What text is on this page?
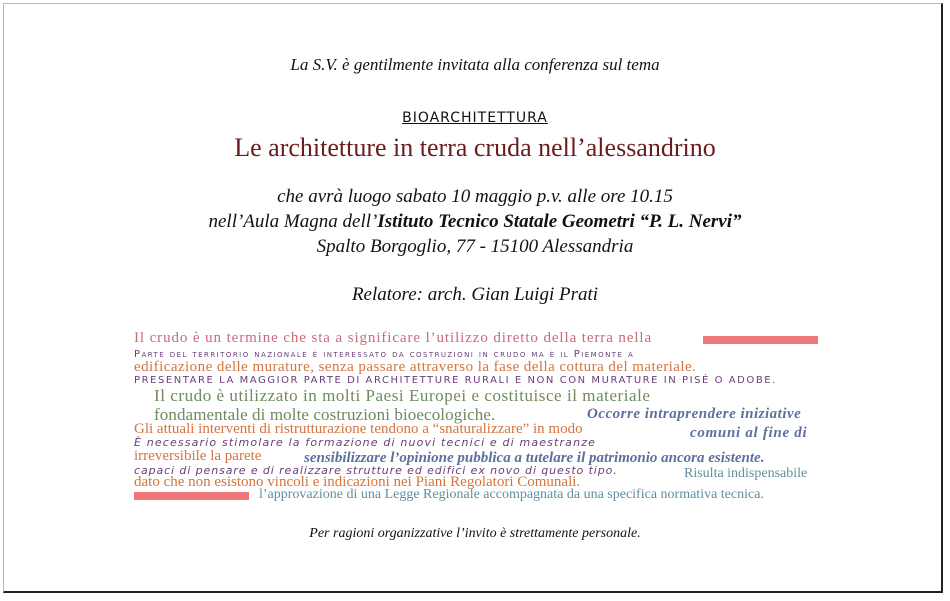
La S.V. è gentilmente invitata alla conferenza sul tema
BIOARCHITETTURA
Le architetture in terra cruda nell’alessandrino
che avrà luogo sabato 10 maggio p.v. alle ore 10.15
nell’Aula Magna dell’Istituto Tecnico Statale Geometri “P. L. Nervi”
Spalto Borgoglio, 77 - 15100 Alessandria
Relatore: arch. Gian Luigi Prati
Il crudo è un termine che sta a significare l’utilizzo diretto della terra nella
Parte del territorio nazionale è interessato da costruzioni in crudo ma è il Piemonte a
edificazione delle murature, senza passare attraverso la fase della cottura del materiale.
PRESENTARE LA MAGGIOR PARTE DI ARCHITETTURE RURALI E NON CON MURATURE IN PISÉ O ADOBE.
Il crudo è utilizzato in molti Paesi Europei e costituisce il materiale
fondamentale di molte costruzioni bioecologiche.	Occorre intraprendere iniziative
Gli attuali interventi di ristrutturazione tendono a “snaturalizzare” in modo	comuni al fine di
È necessario stimolare la formazione di nuovi tecnici e di maestranze
irreversibile la parete	sensibilizzare l’opinione pubblica a tutelare il patrimonio ancora esistente.
capaci di pensare e di realizzare strutture ed edifici ex novo di questo tipo.	Risulta indispensabile
dato che non esistono vincoli e indicazioni nei Piani Regolatori Comunali.
l’approvazione di una Legge Regionale accompagnata da una specifica normativa tecnica.
Per ragioni organizzative l’invito è strettamente personale.
